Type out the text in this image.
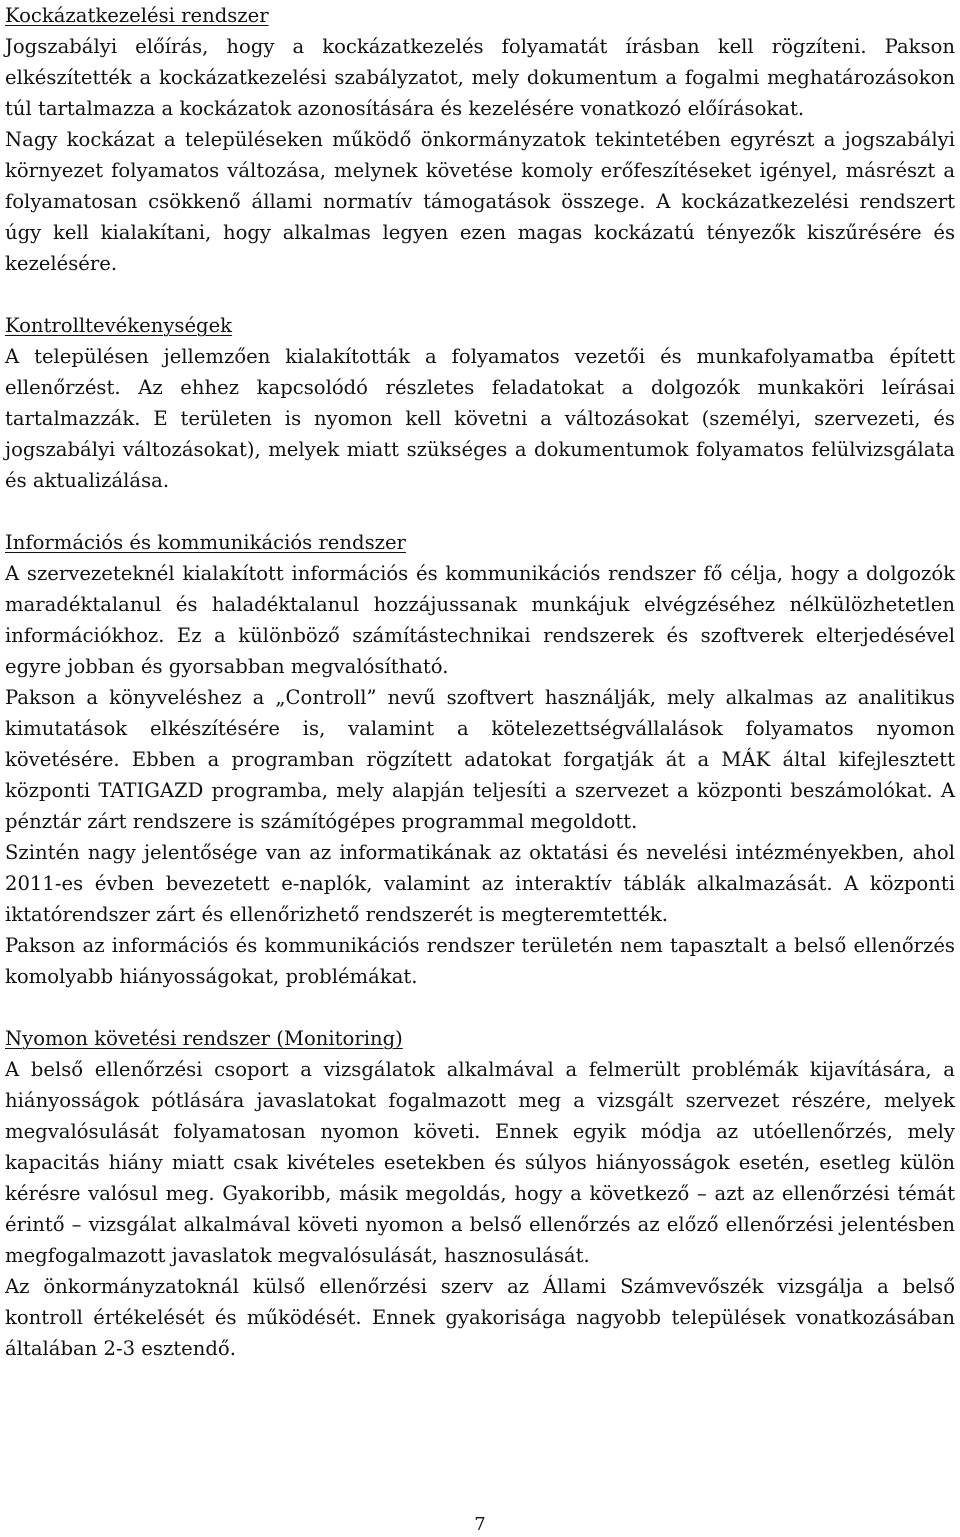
Kockázatkezelési rendszer

Jogszabályi előírás, hogy a kockázatkezelés folyamatát írásban kell rögzíteni. Pakson elkészítették a kockázatkezelési szabályzatot, mely dokumentum a fogalmi meghatározásokon túl tartalmazza a kockázatok azonosítására és kezelésére vonatkozó előírásokat.

Nagy kockázat a településeken működő önkormányzatok tekintetében egyrészt a jogszabályi környezet folyamatos változása, melynek követése komoly erőfeszítéseket igényel, másrészt a folyamatosan csökkenő állami normatív támogatások összege. A kockázatkezelési rendszert úgy kell kialakítani, hogy alkalmas legyen ezen magas kockázatú tényezők kiszűrésére és kezelésére.

Kontrolltevékenységek

A településen jellemzően kialakították a folyamatos vezetői és munkafolyamatba épített ellenőrzést. Az ehhez kapcsolódó részletes feladatokat a dolgozók munkaköri leírásai tartalmazzák. E területen is nyomon kell követni a változásokat (személyi, szervezeti, és jogszabályi változásokat), melyek miatt szükséges a dokumentumok folyamatos felülvizsgálata és aktualizálása.

Információs és kommunikációs rendszer

A szervezeteknél kialakított információs és kommunikációs rendszer fő célja, hogy a dolgozók maradéktalanul és haladéktalanul hozzájussanak munkájuk elvégzéséhez nélkülözhetetlen információkhoz. Ez a különböző számítástechnikai rendszerek és szoftverek elterjedésével egyre jobban és gyorsabban megvalósítható.

Pakson a könyveléshez a „Controll” nevű szoftvert használják, mely alkalmas az analitikus kimutatások elkészítésére is, valamint a kötelezettségvállalások folyamatos nyomon követésére. Ebben a programban rögzített adatokat forgatják át a MÁK által kifejlesztett központi TATIGAZD programba, mely alapján teljesíti a szervezet a központi beszámolókat. A pénztár zárt rendszere is számítógépes programmal megoldott.

Szintén nagy jelentősége van az informatikának az oktatási és nevelési intézményekben, ahol 2011-es évben bevezetett e-naplók, valamint az interaktív táblák alkalmazását. A központi iktatórendszer zárt és ellenőrizhető rendszerét is megteremtették.

Pakson az információs és kommunikációs rendszer területén nem tapasztalt a belső ellenőrzés komolyabb hiányosságokat, problémákat.

Nyomon követési rendszer (Monitoring)

A belső ellenőrzési csoport a vizsgálatok alkalmával a felmerült problémák kijavítására, a hiányosságok pótlására javaslatokat fogalmazott meg a vizsgált szervezet részére, melyek megvalósulását folyamatosan nyomon követi. Ennek egyik módja az utóellenőrzés, mely kapacitás hiány miatt csak kivételes esetekben és súlyos hiányosságok esetén, esetleg külön kérésre valósul meg. Gyakoribb, másik megoldás, hogy a következő – azt az ellenőrzési témát érintő – vizsgálat alkalmával követi nyomon a belső ellenőrzés az előző ellenőrzési jelentésben megfogalmazott javaslatok megvalósulását, hasznosulását.

Az önkormányzatoknál külső ellenőrzési szerv az Állami Számvevőszék vizsgálja a belső kontroll értékelését és működését. Ennek gyakorisága nagyobb települések vonatkozásában általában 2-3 esztendő.

7
